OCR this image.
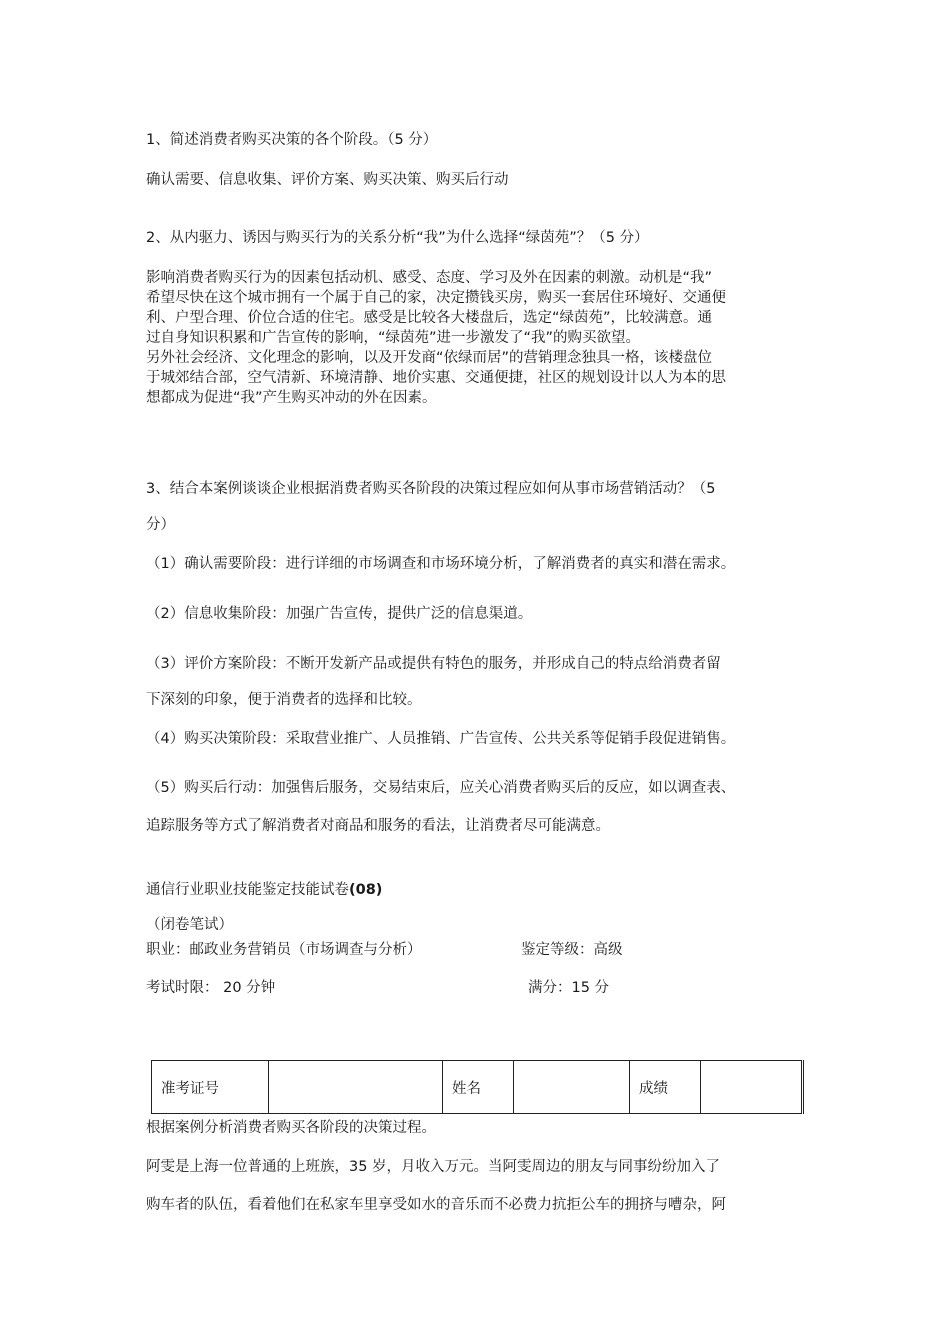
1、简述消费者购买决策的各个阶段。（5 分）
确认需要、信息收集、评价方案、购买决策、购买后行动
2、从内驱力、诱因与购买行为的关系分析“我”为什么选择“绿茵苑”？（5 分）

影响消费者购买行为的因素包括动机、感受、态度、学习及外在因素的刺激。动机是“我”

希望尽快在这个城市拥有一个属于自己的家，决定攒钱买房，购买一套居住环境好、交通便

利、户型合理、价位合适的住宅。感受是比较各大楼盘后，选定“绿茵苑”，比较满意。通

过自身知识积累和广告宣传的影响，“绿茵苑”进一步激发了“我”的购买欲望。

另外社会经济、文化理念的影响，以及开发商“依绿而居”的营销理念独具一格，该楼盘位

于城郊结合部，空气清新、环境清静、地价实惠、交通便捷，社区的规划设计以人为本的思

想都成为促进“我”产生购买冲动的外在因素。

3、结合本案例谈谈企业根据消费者购买各阶段的决策过程应如何从事市场营销活动？（5
分）
（1）确认需要阶段：进行详细的市场调查和市场环境分析，了解消费者的真实和潜在需求。
（2）信息收集阶段：加强广告宣传，提供广泛的信息渠道。
（3）评价方案阶段：不断开发新产品或提供有特色的服务，并形成自己的特点给消费者留
下深刻的印象，便于消费者的选择和比较。
（4）购买决策阶段：采取营业推广、人员推销、广告宣传、公共关系等促销手段促进销售。
（5）购买后行动：加强售后服务，交易结束后，应关心消费者购买后的反应，如以调查表、
追踪服务等方式了解消费者对商品和服务的看法，让消费者尽可能满意。
通信行业职业技能鉴定技能试卷(08)
（闭卷笔试）
职业：邮政业务营销员（市场调查与分析）	鉴定等级：高级
考试时限： 20 分钟	满分：15 分
准考证号		姓名		成绩	
根据案例分析消费者购买各阶段的决策过程。
阿雯是上海一位普通的上班族，35 岁，月收入万元。当阿雯周边的朋友与同事纷纷加入了
购车者的队伍，看着他们在私家车里享受如水的音乐而不必费力抗拒公车的拥挤与嘈杂，阿
